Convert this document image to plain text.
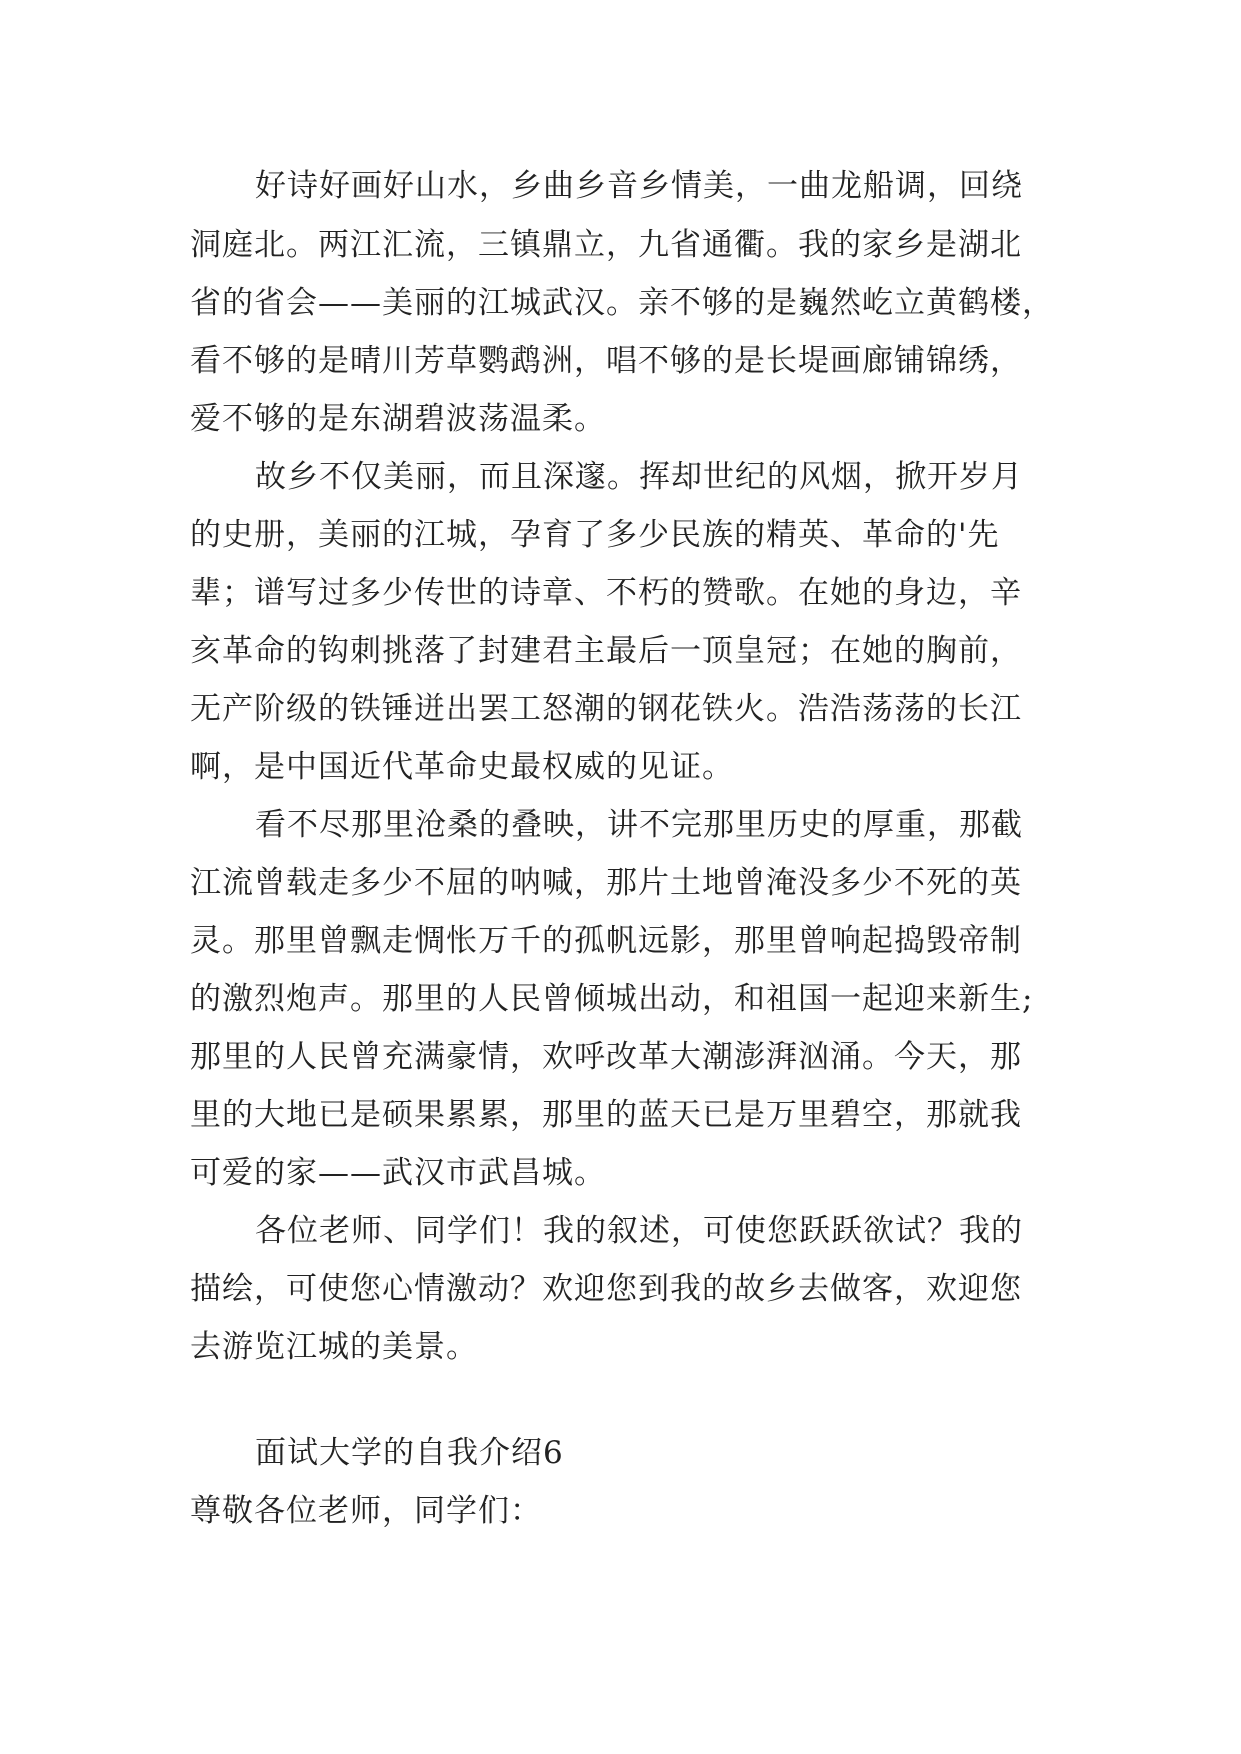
好诗好画好山水，乡曲乡音乡情美，一曲龙船调，回绕
洞庭北。两江汇流，三镇鼎立，九省通衢。我的家乡是湖北
省的省会——美丽的江城武汉。亲不够的是巍然屹立黄鹤楼，
看不够的是晴川芳草鹦鹉洲，唱不够的是长堤画廊铺锦绣，
爱不够的是东湖碧波荡温柔。
故乡不仅美丽，而且深邃。挥却世纪的风烟，掀开岁月
的史册，美丽的江城，孕育了多少民族的精英、革命的'先
辈；谱写过多少传世的诗章、不朽的赞歌。在她的身边，辛
亥革命的钩刺挑落了封建君主最后一顶皇冠；在她的胸前，
无产阶级的铁锤迸出罢工怒潮的钢花铁火。浩浩荡荡的长江
啊，是中国近代革命史最权威的见证。
看不尽那里沧桑的叠映，讲不完那里历史的厚重，那截
江流曾载走多少不屈的呐喊，那片土地曾淹没多少不死的英
灵。那里曾飘走惆怅万千的孤帆远影，那里曾响起捣毁帝制
的激烈炮声。那里的人民曾倾城出动，和祖国一起迎来新生;
那里的人民曾充满豪情，欢呼改革大潮澎湃汹涌。今天，那
里的大地已是硕果累累，那里的蓝天已是万里碧空，那就我
可爱的家——武汉市武昌城。
各位老师、同学们！我的叙述，可使您跃跃欲试？我的
描绘，可使您心情激动？欢迎您到我的故乡去做客，欢迎您
去游览江城的美景。
面试大学的自我介绍6
尊敬各位老师，同学们：
